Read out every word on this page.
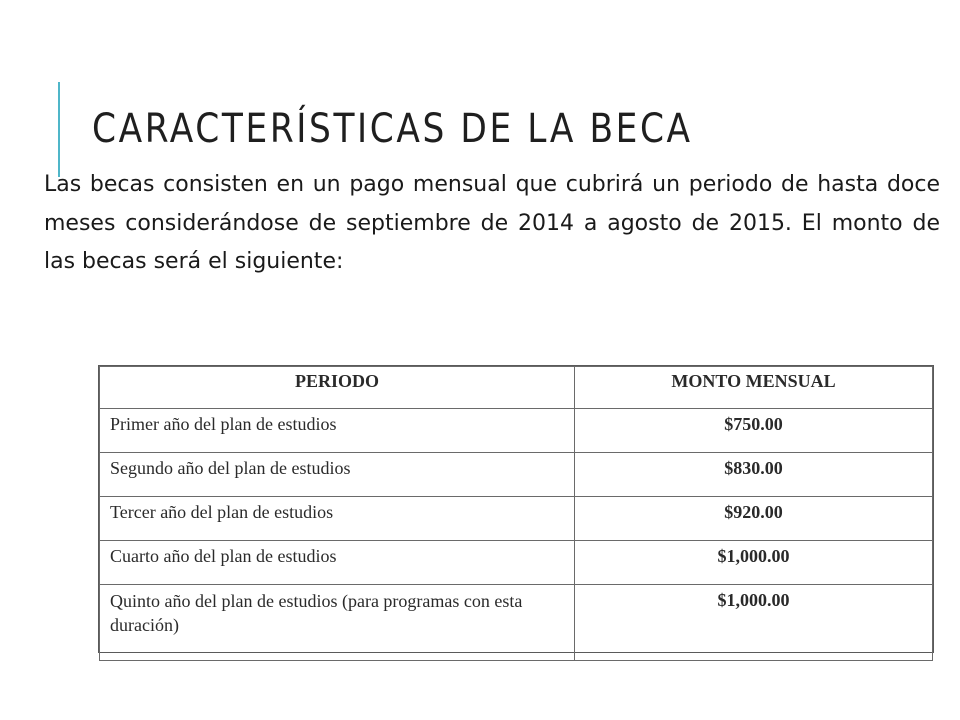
CARACTERÍSTICAS DE LA BECA

Las becas consisten en un pago mensual que cubrirá un periodo de hasta doce meses considerándose de septiembre de 2014 a agosto de 2015. El monto de las becas será el siguiente:

PERIODO	MONTO MENSUAL
Primer año del plan de estudios	$750.00
Segundo año del plan de estudios	$830.00
Tercer año del plan de estudios	$920.00
Cuarto año del plan de estudios	$1,000.00
Quinto año del plan de estudios (para programas con esta duración)	$1,000.00
